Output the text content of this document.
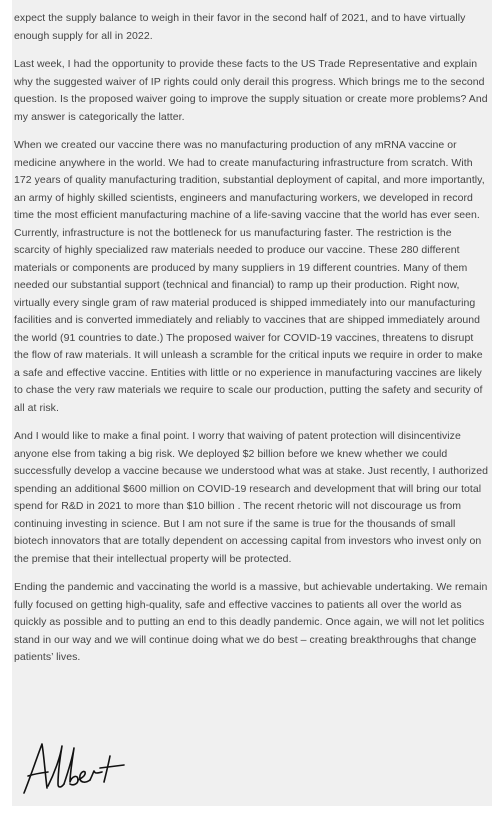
expect the supply balance to weigh in their favor in the second half of 2021, and to have virtually enough supply for all in 2022.

Last week, I had the opportunity to provide these facts to the US Trade Representative and explain why the suggested waiver of IP rights could only derail this progress. Which brings me to the second question. Is the proposed waiver going to improve the supply situation or create more problems? And my answer is categorically the latter.

When we created our vaccine there was no manufacturing production of any mRNA vaccine or medicine anywhere in the world. We had to create manufacturing infrastructure from scratch. With 172 years of quality manufacturing tradition, substantial deployment of capital, and more importantly, an army of highly skilled scientists, engineers and manufacturing workers, we developed in record time the most efficient manufacturing machine of a life-saving vaccine that the world has ever seen. Currently, infrastructure is not the bottleneck for us manufacturing faster. The restriction is the scarcity of highly specialized raw materials needed to produce our vaccine. These 280 different materials or components are produced by many suppliers in 19 different countries. Many of them needed our substantial support (technical and financial) to ramp up their production. Right now, virtually every single gram of raw material produced is shipped immediately into our manufacturing facilities and is converted immediately and reliably to vaccines that are shipped immediately around the world (91 countries to date.) The proposed waiver for COVID-19 vaccines, threatens to disrupt the flow of raw materials. It will unleash a scramble for the critical inputs we require in order to make a safe and effective vaccine. Entities with little or no experience in manufacturing vaccines are likely to chase the very raw materials we require to scale our production, putting the safety and security of all at risk.

And I would like to make a final point. I worry that waiving of patent protection will disincentivize anyone else from taking a big risk. We deployed $2 billion before we knew whether we could successfully develop a vaccine because we understood what was at stake. Just recently, I authorized spending an additional $600 million on COVID-19 research and development that will bring our total spend for R&D in 2021 to more than $10 billion . The recent rhetoric will not discourage us from continuing investing in science. But I am not sure if the same is true for the thousands of small biotech innovators that are totally dependent on accessing capital from investors who invest only on the premise that their intellectual property will be protected.

Ending the pandemic and vaccinating the world is a massive, but achievable undertaking. We remain fully focused on getting high-quality, safe and effective vaccines to patients all over the world as quickly as possible and to putting an end to this deadly pandemic. Once again, we will not let politics stand in our way and we will continue doing what we do best – creating breakthroughs that change patients’ lives.
